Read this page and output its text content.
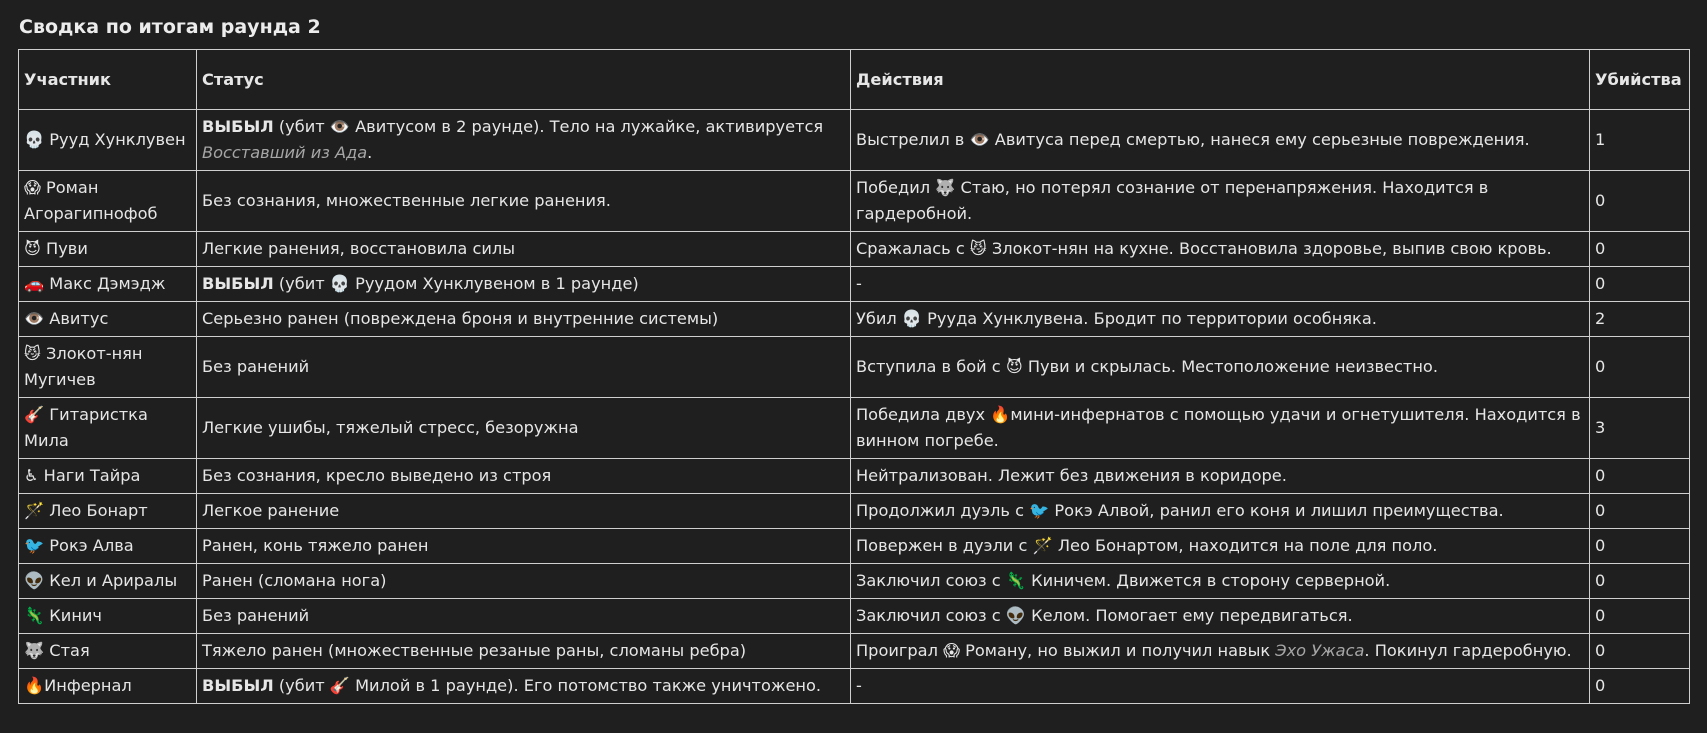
Сводка по итогам раунда 2
Участник	Статус	Действия	Убийства
💀 Рууд Хунклувен	ВЫБЫЛ (убит 👁️ Авитусом в 2 раунде). Тело на лужайке, активируется Восставший из Ада.	Выстрелил в 👁️ Авитуса перед смертью, нанеся ему серьезные повреждения.	1
😱 Роман Агорагипнофоб	Без сознания, множественные легкие ранения.	Победил 🐺 Стаю, но потерял сознание от перенапряжения. Находится в гардеробной.	0
😈 Пуви	Легкие ранения, восстановила силы	Сражалась с 😼 Злокот-нян на кухне. Восстановила здоровье, выпив свою кровь.	0
🚗 Макс Дэмэдж	ВЫБЫЛ (убит 💀 Руудом Хунклувеном в 1 раунде)	-	0
👁️ Авитус	Серьезно ранен (повреждена броня и внутренние системы)	Убил 💀 Рууда Хунклувена. Бродит по территории особняка.	2
😼 Злокот-нян Мугичев	Без ранений	Вступила в бой с 😈 Пуви и скрылась. Местоположение неизвестно.	0
🎸 Гитаристка Мила	Легкие ушибы, тяжелый стресс, безоружна	Победила двух 🔥мини-инфернатов с помощью удачи и огнетушителя. Находится в винном погребе.	3
♿ Наги Тайра	Без сознания, кресло выведено из строя	Нейтрализован. Лежит без движения в коридоре.	0
🪄 Лео Бонарт	Легкое ранение	Продолжил дуэль с 🐦 Рокэ Алвой, ранил его коня и лишил преимущества.	0
🐦 Рокэ Алва	Ранен, конь тяжело ранен	Повержен в дуэли с 🪄 Лео Бонартом, находится на поле для поло.	0
👽 Кел и Арирaлы	Ранен (сломана нога)	Заключил союз с 🦎 Киничем. Движется в сторону серверной.	0
🦎 Кинич	Без ранений	Заключил союз с 👽 Келом. Помогает ему передвигаться.	0
🐺 Стая	Тяжело ранен (множественные резаные раны, сломаны ребра)	Проиграл 😱 Роману, но выжил и получил навык Эхо Ужаса. Покинул гардеробную.	0
🔥Инфернал	ВЫБЫЛ (убит 🎸 Милой в 1 раунде). Его потомство также уничтожено.	-	0
